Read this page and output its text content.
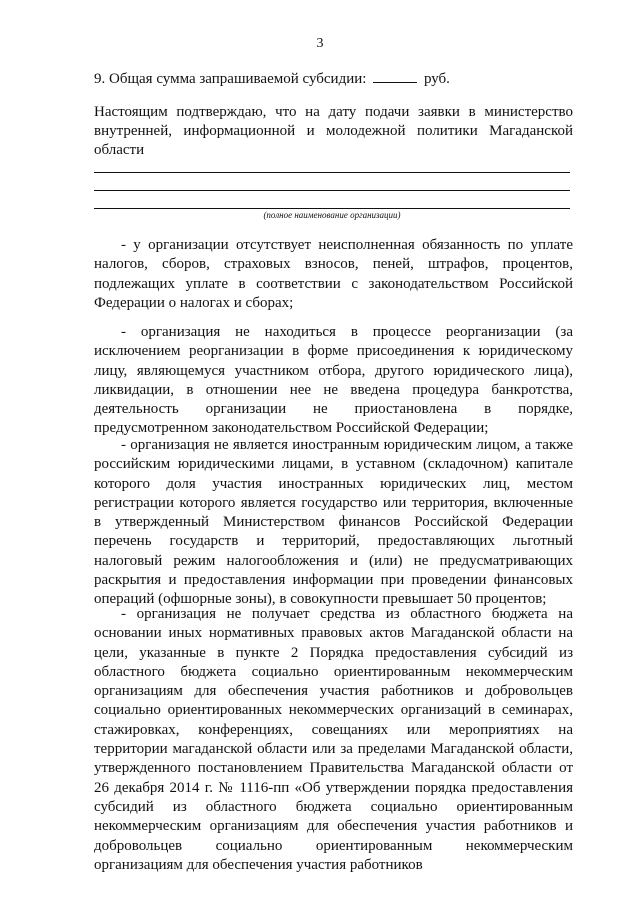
3
9. Общая сумма запрашиваемой субсидии:	руб.
Настоящим подтверждаю, что на дату подачи заявки в министерство внутренней, информационной и молодежной политики Магаданской области
(полное наименование организации)
- у организации отсутствует неисполненная обязанность по уплате налогов, сборов, страховых взносов, пеней, штрафов, процентов, подлежащих уплате в соответствии с законодательством Российской Федерации о налогах и сборах;
- организация не находиться в процессе реорганизации (за исключением реорганизации в форме присоединения к юридическому лицу, являющемуся участником отбора, другого юридического лица), ликвидации, в отношении нее не введена процедура банкротства, деятельность организации не приостановлена в порядке, предусмотренном законодательством Российской Федерации;
- организация не является иностранным юридическим лицом, а также российским юридическими лицами, в уставном (складочном) капитале которого доля участия иностранных юридических лиц, местом регистрации которого является государство или территория, включенные в утвержденный Министерством финансов Российской Федерации перечень государств и территорий, предоставляющих льготный налоговый режим налогообложения и (или) не предусматривающих раскрытия и предоставления информации при проведении финансовых операций (офшорные зоны), в совокупности превышает 50 процентов;
- организация не получает средства из областного бюджета на основании иных нормативных правовых актов Магаданской области на цели, указанные в пункте 2 Порядка предоставления субсидий из областного бюджета социально ориентированным некоммерческим организациям для обеспечения участия работников и добровольцев социально ориентированных некоммерческих организаций в семинарах, стажировках, конференциях, совещаниях или мероприятиях на территории магаданской области или за пределами Магаданской области, утвержденного постановлением Правительства Магаданской области от 26 декабря 2014 г. № 1116-пп «Об утверждении порядка предоставления субсидий из областного бюджета социально ориентированным некоммерческим организациям для обеспечения участия работников и добровольцев социально ориентированным некоммерческим организациям для обеспечения участия работников
